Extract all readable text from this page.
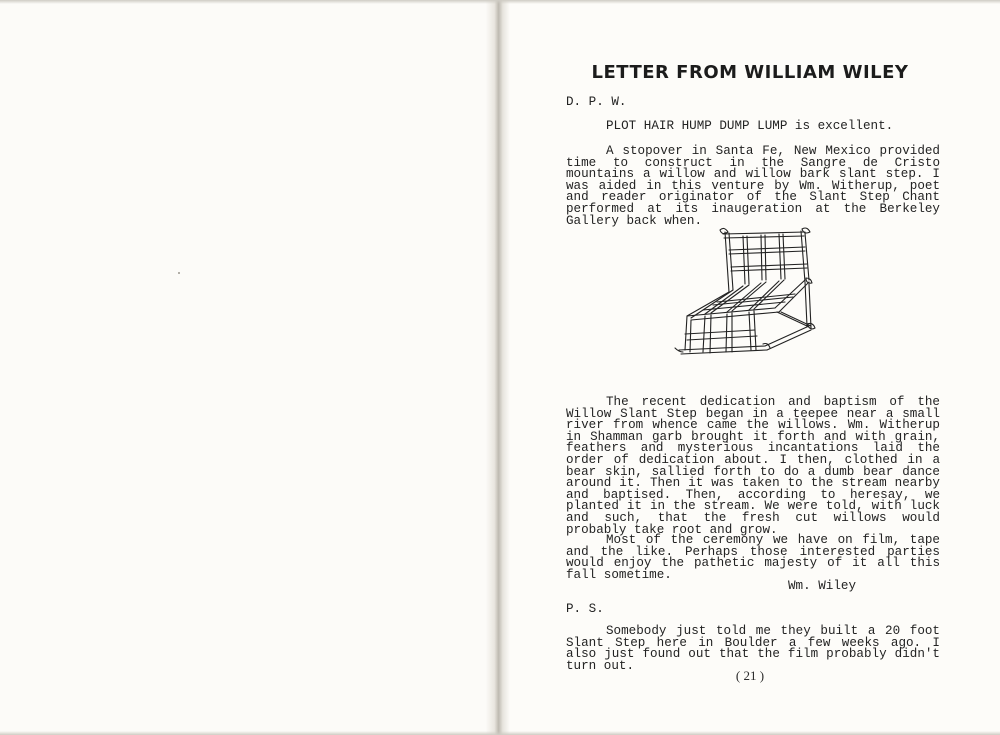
LETTER FROM WILLIAM WILEY
D. P. W.
PLOT HAIR HUMP DUMP LUMP is excellent.
A stopover in Santa Fe, New Mexico provided time to construct in the Sangre de Cristo mountains a willow and willow bark slant step. I was aided in this venture by Wm. Witherup, poet and reader originator of the Slant Step Chant performed at its inaugeration at the Berkeley Gallery back when.
The recent dedication and baptism of the Willow Slant Step began in a teepee near a small river from whence came the willows. Wm. Witherup in Shamman garb brought it forth and with grain, feathers and mysterious incantations laid the order of dedication about. I then, clothed in a bear skin, sallied forth to do a dumb bear dance around it. Then it was taken to the stream nearby and baptised. Then, according to heresay, we planted it in the stream. We were told, with luck and such, that the fresh cut willows would probably take root and grow.
Most of the ceremony we have on film, tape and the like. Perhaps those interested parties would enjoy the pathetic majesty of it all this fall sometime.
Wm. Wiley
P. S.
Somebody just told me they built a 20 foot Slant Step here in Boulder a few weeks ago. I also just found out that the film probably didn't turn out.
( 21 )
